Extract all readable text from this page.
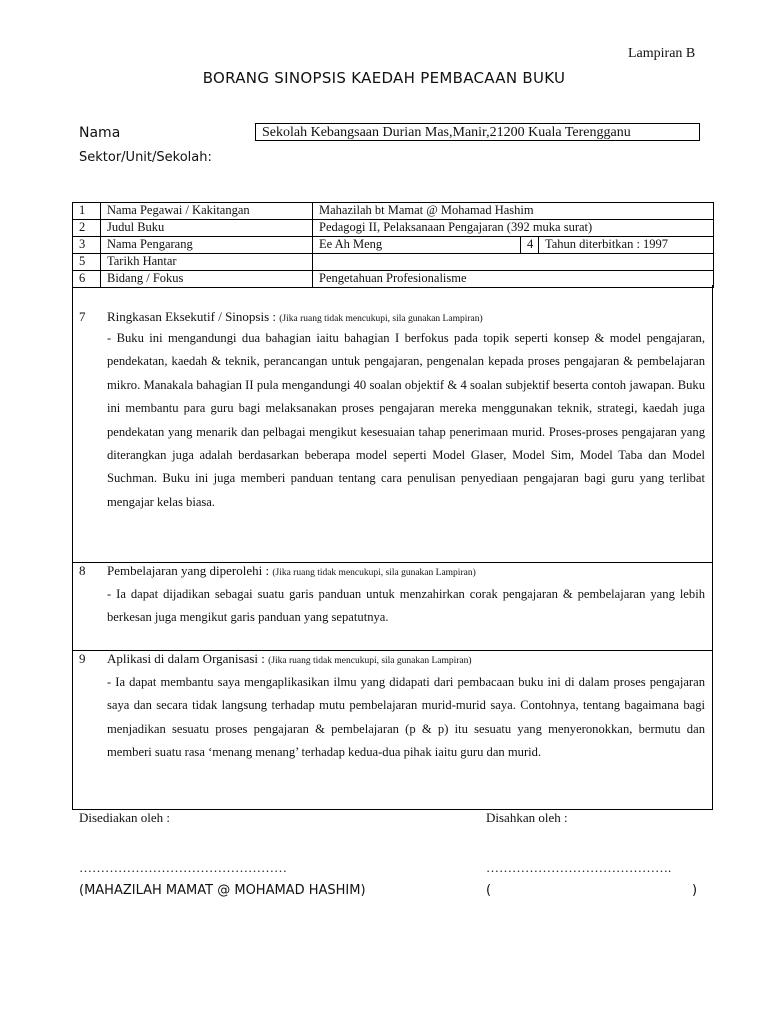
Lampiran B
BORANG SINOPSIS KAEDAH PEMBACAAN BUKU
Nama	Sekolah Kebangsaan Durian Mas,Manir,21200 Kuala Terengganu
Sektor/Unit/Sekolah:
1	Nama Pegawai / Kakitangan	Mahazilah bt Mamat @ Mohamad Hashim		
2	Judul Buku	Pedagogi II, Pelaksanaan Pengajaran (392 muka surat)		
3	Nama Pengarang	Ee Ah Meng	4	Tahun diterbitkan : 1997
5	Tarikh Hantar			
6	Bidang / Fokus	Pengetahuan Profesionalisme		
7 Ringkasan Eksekutif / Sinopsis : (Jika ruang tidak mencukupi, sila gunakan Lampiran)
- Buku ini mengandungi dua bahagian iaitu bahagian I berfokus pada topik seperti konsep & model pengajaran, pendekatan, kaedah & teknik, perancangan untuk pengajaran, pengenalan kepada proses pengajaran & pembelajaran mikro. Manakala bahagian II pula mengandungi 40 soalan objektif & 4 soalan subjektif beserta contoh jawapan. Buku ini membantu para guru bagi melaksanakan proses pengajaran mereka menggunakan teknik, strategi, kaedah juga pendekatan yang menarik dan pelbagai mengikut kesesuaian tahap penerimaan murid. Proses-proses pengajaran yang diterangkan juga adalah berdasarkan beberapa model seperti Model Glaser, Model Sim, Model Taba dan Model Suchman. Buku ini juga memberi panduan tentang cara penulisan penyediaan pengajaran bagi guru yang terlibat mengajar kelas biasa.
8 Pembelajaran yang diperolehi : (Jika ruang tidak mencukupi, sila gunakan Lampiran)
- Ia dapat dijadikan sebagai suatu garis panduan untuk menzahirkan corak pengajaran & pembelajaran yang lebih berkesan juga mengikut garis panduan yang sepatutnya.
9 Aplikasi di dalam Organisasi : (Jika ruang tidak mencukupi, sila gunakan Lampiran)
- Ia dapat membantu saya mengaplikasikan ilmu yang didapati dari pembacaan buku ini di dalam proses pengajaran saya dan secara tidak langsung terhadap mutu pembelajaran murid-murid saya. Contohnya, tentang bagaimana bagi menjadikan sesuatu proses pengajaran & pembelajaran (p & p) itu sesuatu yang menyeronokkan, bermutu dan memberi suatu rasa ‘menang menang’ terhadap kedua-dua pihak iaitu guru dan murid.
Disediakan oleh :	Disahkan oleh :
…………………………………………	…………………………………….
(MAHAZILAH MAMAT @ MOHAMAD HASHIM)	(	)
